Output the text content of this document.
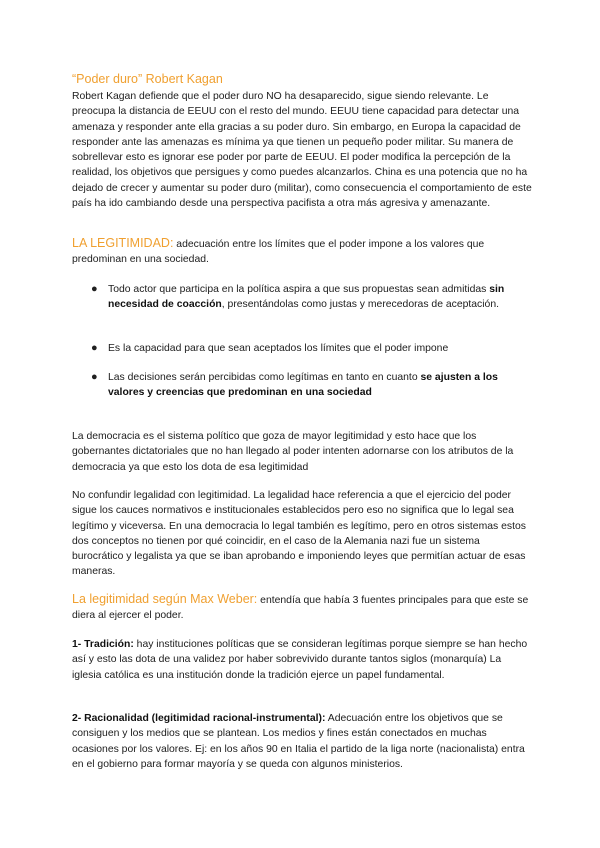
“Poder duro” Robert Kagan

Robert Kagan defiende que el poder duro NO ha desaparecido, sigue siendo relevante. Le preocupa la distancia de EEUU con el resto del mundo. EEUU tiene capacidad para detectar una amenaza y responder ante ella gracias a su poder duro. Sin embargo, en Europa la capacidad de responder ante las amenazas es mínima ya que tienen un pequeño poder militar. Su manera de sobrellevar esto es ignorar ese poder por parte de EEUU. El poder modifica la percepción de la realidad, los objetivos que persigues y como puedes alcanzarlos. China es una potencia que no ha dejado de crecer y aumentar su poder duro (militar), como consecuencia el comportamiento de este país ha ido cambiando desde una perspectiva pacifista a otra más agresiva y amenazante.

LA LEGITIMIDAD: adecuación entre los límites que el poder impone a los valores que predominan en una sociedad.
● Todo actor que participa en la política aspira a que sus propuestas sean admitidas sin necesidad de coacción, presentándolas como justas y merecedoras de aceptación.
● Es la capacidad para que sean aceptados los límites que el poder impone
● Las decisiones serán percibidas como legítimas en tanto en cuanto se ajusten a los valores y creencias que predominan en una sociedad
La democracia es el sistema político que goza de mayor legitimidad y esto hace que los gobernantes dictatoriales que no han llegado al poder intenten adornarse con los atributos de la democracia ya que esto los dota de esa legitimidad
No confundir legalidad con legitimidad. La legalidad hace referencia a que el ejercicio del poder sigue los cauces normativos e institucionales establecidos pero eso no significa que lo legal sea legítimo y viceversa. En una democracia lo legal también es legítimo, pero en otros sistemas estos dos conceptos no tienen por qué coincidir, en el caso de la Alemania nazi fue un sistema burocrático y legalista ya que se iban aprobando e imponiendo leyes que permitían actuar de esas maneras.
La legitimidad según Max Weber: entendía que había 3 fuentes principales para que este se diera al ejercer el poder.
1- Tradición: hay instituciones políticas que se consideran legítimas porque siempre se han hecho así y esto las dota de una validez por haber sobrevivido durante tantos siglos (monarquía) La iglesia católica es una institución donde la tradición ejerce un papel fundamental.
2- Racionalidad (legitimidad racional-instrumental): Adecuación entre los objetivos que se consiguen y los medios que se plantean. Los medios y fines están conectados en muchas ocasiones por los valores. Ej: en los años 90 en Italia el partido de la liga norte (nacionalista) entra en el gobierno para formar mayoría y se queda con algunos ministerios.
